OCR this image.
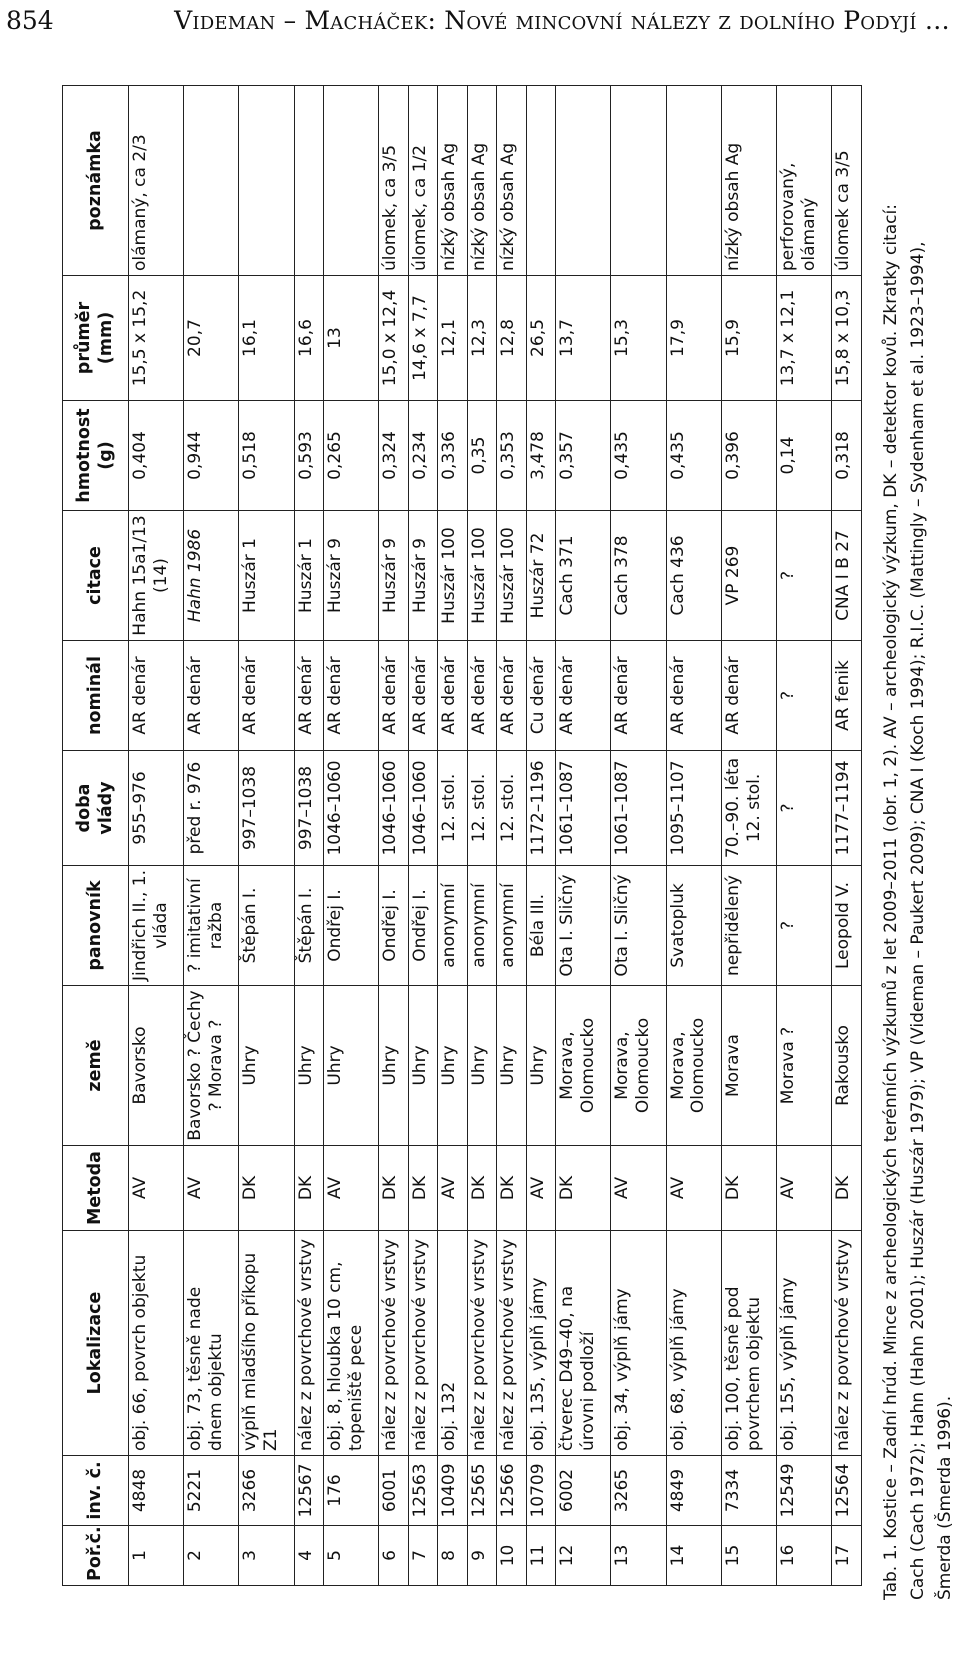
854	Videman – Macháček: Nové mincovní nálezy z dolního Podyjí …
Poř.č.	inv. č.	Lokalizace	Metoda	země	panovník	doba vlády	nominál	citace	hmotnost (g)	průměr (mm)	poznámka
1	4848	obj. 66, povrch objektu	AV	Bavorsko	Jindřich II., 1. vláda	955–976	AR denár	Hahn 15a1/13 (14)	0,404	15,5 x 15,2	olámaný, ca 2/3
2	5221	obj. 73, těsně nade dnem objektu	AV	Bavorsko ? Čechy ? Morava ?	? imitativní ražba	před r. 976	AR denár	Hahn 1986	0,944	20,7	
3	3266	výplň mladšího příkopu Z1	DK	Uhry	Štěpán I.	997–1038	AR denár	Huszár 1	0,518	16,1	
4	12567	nález z povrchové vrstvy	DK	Uhry	Štěpán I.	997–1038	AR denár	Huszár 1	0,593	16,6	
5	176	obj. 8, hloubka 10 cm, topeniště pece	AV	Uhry	Ondřej I.	1046–1060	AR denár	Huszár 9	0,265	13	
6	6001	nález z povrchové vrstvy	DK	Uhry	Ondřej I.	1046–1060	AR denár	Huszár 9	0,324	15,0 x 12,4	úlomek, ca 3/5
7	12563	nález z povrchové vrstvy	DK	Uhry	Ondřej I.	1046–1060	AR denár	Huszár 9	0,234	14,6 x 7,7	úlomek, ca 1/2
8	10409	obj. 132	AV	Uhry	anonymní	12. stol.	AR denár	Huszár 100	0,336	12,1	nízký obsah Ag
9	12565	nález z povrchové vrstvy	DK	Uhry	anonymní	12. stol.	AR denár	Huszár 100	0,35	12,3	nízký obsah Ag
10	12566	nález z povrchové vrstvy	DK	Uhry	anonymní	12. stol.	AR denár	Huszár 100	0,353	12,8	nízký obsah Ag
11	10709	obj. 135, výplň jámy	AV	Uhry	Béla III.	1172–1196	Cu denár	Huszár 72	3,478	26,5	
12	6002	čtverec D49–40, na úrovni podloží	DK	Morava, Olomoucko	Ota I. Sličný	1061–1087	AR denár	Cach 371	0,357	13,7	
13	3265	obj. 34, výplň jámy	AV	Morava, Olomoucko	Ota I. Sličný	1061–1087	AR denár	Cach 378	0,435	15,3	
14	4849	obj. 68, výplň jámy	AV	Morava, Olomoucko	Svatopluk	1095–1107	AR denár	Cach 436	0,435	17,9	
15	7334	obj. 100, těsně pod povrchem objektu	DK	Morava	nepřidělený	70.–90. léta 12. stol.	AR denár	VP 269	0,396	15,9	nízký obsah Ag
16	12549	obj. 155, výplň jámy	AV	Morava ?	?	?	?	?	0,14	13,7 x 12,1	perforovaný, olámaný
17	12564	nález z povrchové vrstvy	DK	Rakousko	Leopold V.	1177–1194	AR fenik	CNA I B 27	0,318	15,8 x 10,3	úlomek ca 3/5 Tab. 1. Kostice – Zadní hrúd. Mince z archeologických terénních výzkumů z let 2009–2011 (obr. 1, 2). AV – archeologický výzkum, DK – detektor kovů. Zkratky citací: Cach (Cach 1972); Hahn (Hahn 2001); Huszár (Huszár 1979); VP (Videman – Paukert 2009); CNA I (Koch 1994); R.I.C. (Mattingly – Sydenham et al. 1923–1994), Šmerda (Šmerda 1996).
